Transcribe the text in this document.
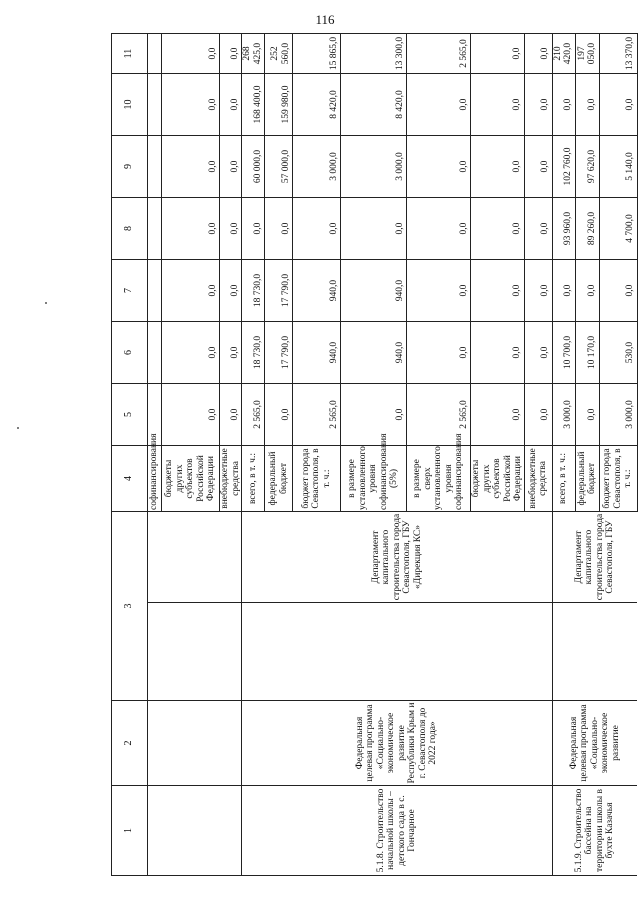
116
1	2	3		4	5	6	7	8	9	10	11
				софинансирования							
				бюджеты других субъектов Российской Федерации	0,0	0,0	0,0	0,0	0,0	0,0	0,0
				внебюджетные средства	0,0	0,0	0,0	0,0	0,0	0,0	0,0
5.1.8. Строительство начальной школы – детского сада в с. Гончарное	Федеральная целевая программа «Социально-экономическое развитие Республики Крым и г. Севастополя до 2022 года»		Департамент капитального строительства города Севастополя, ГБУ «Дирекция КС»	всего, в т. ч.:	2 565,0	18 730,0	18 730,0	0,0	60 000,0	168 400,0	268 425,0
				федеральный бюджет	0,0	17 790,0	17 790,0	0,0	57 000,0	159 980,0	252 560,0
				бюджет города Севастополя, в т. ч.:	2 565,0	940,0	940,0	0,0	3 000,0	8 420,0	15 865,0
				в размере установленного уровня софинансирования (5%)	0,0	940,0	940,0	0,0	3 000,0	8 420,0	13 300,0
				в размере сверх установленного уровня софинансирования	2 565,0	0,0	0,0	0,0	0,0	0,0	2 565,0
				бюджеты других субъектов Российской Федерации	0,0	0,0	0,0	0,0	0,0	0,0	0,0
				внебюджетные средства	0,0	0,0	0,0	0,0	0,0	0,0	0,0
5.1.9. Строительство бассейна на территории школы в бухте Казачья	Федеральная целевая программа «Социально-экономическое развитие		Департамент капитального строительства города Севастополя, ГБУ	всего, в т. ч.:	3 000,0	10 700,0	0,0	93 960,0	102 760,0	0,0	210 420,0
				федеральный бюджет	0,0	10 170,0	0,0	89 260,0	97 620,0	0,0	197 050,0
				бюджет города Севастополя, в т. ч.:	3 000,0	530,0	0,0	4 700,0	5 140,0	0,0	13 370,0
